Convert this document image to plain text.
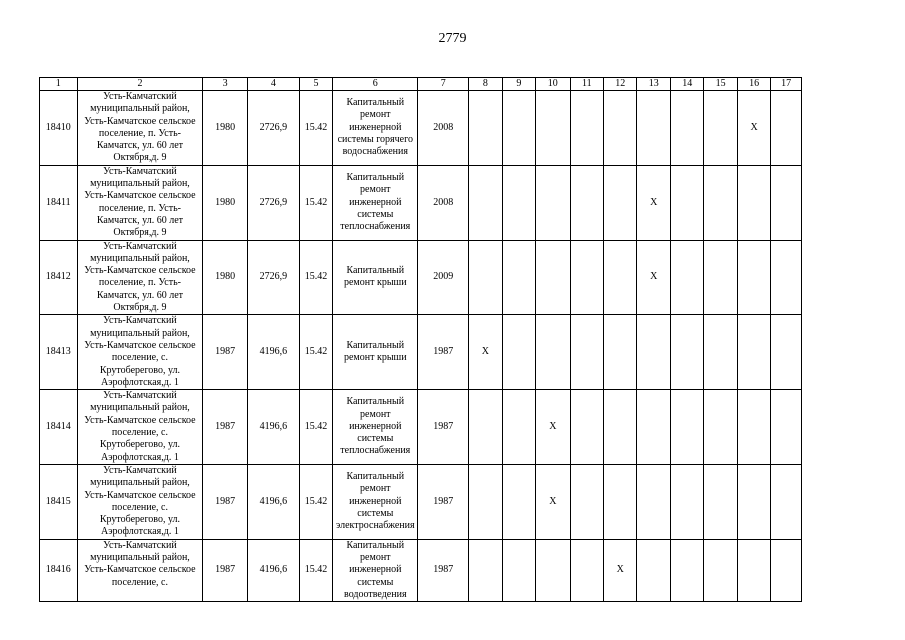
2779
1	2	3	4	5	6	7	8	9	10	11	12	13	14	15	16	17
18410	Усть-Камчатский муниципальный район, Усть-Камчатское сельское поселение, п. Усть-Камчатск, ул. 60 лет Октября,д. 9	1980	2726,9	15.42	Капитальный ремонт инженерной системы горячего водоснабжения	2008									X	
18411	Усть-Камчатский муниципальный район, Усть-Камчатское сельское поселение, п. Усть-Камчатск, ул. 60 лет Октября,д. 9	1980	2726,9	15.42	Капитальный ремонт инженерной системы теплоснабжения	2008						X				
18412	Усть-Камчатский муниципальный район, Усть-Камчатское сельское поселение, п. Усть-Камчатск, ул. 60 лет Октября,д. 9	1980	2726,9	15.42	Капитальный ремонт крыши	2009						X				
18413	Усть-Камчатский муниципальный район, Усть-Камчатское сельское поселение, с. Крутоберегово, ул. Аэрофлотская,д. 1	1987	4196,6	15.42	Капитальный ремонт крыши	1987	X									
18414	Усть-Камчатский муниципальный район, Усть-Камчатское сельское поселение, с. Крутоберегово, ул. Аэрофлотская,д. 1	1987	4196,6	15.42	Капитальный ремонт инженерной системы теплоснабжения	1987			X							
18415	Усть-Камчатский муниципальный район, Усть-Камчатское сельское поселение, с. Крутоберегово, ул. Аэрофлотская,д. 1	1987	4196,6	15.42	Капитальный ремонт инженерной системы электроснабжения	1987			X							
18416	Усть-Камчатский муниципальный район, Усть-Камчатское сельское поселение, с.	1987	4196,6	15.42	Капитальный ремонт инженерной системы водоотведения	1987					X					
